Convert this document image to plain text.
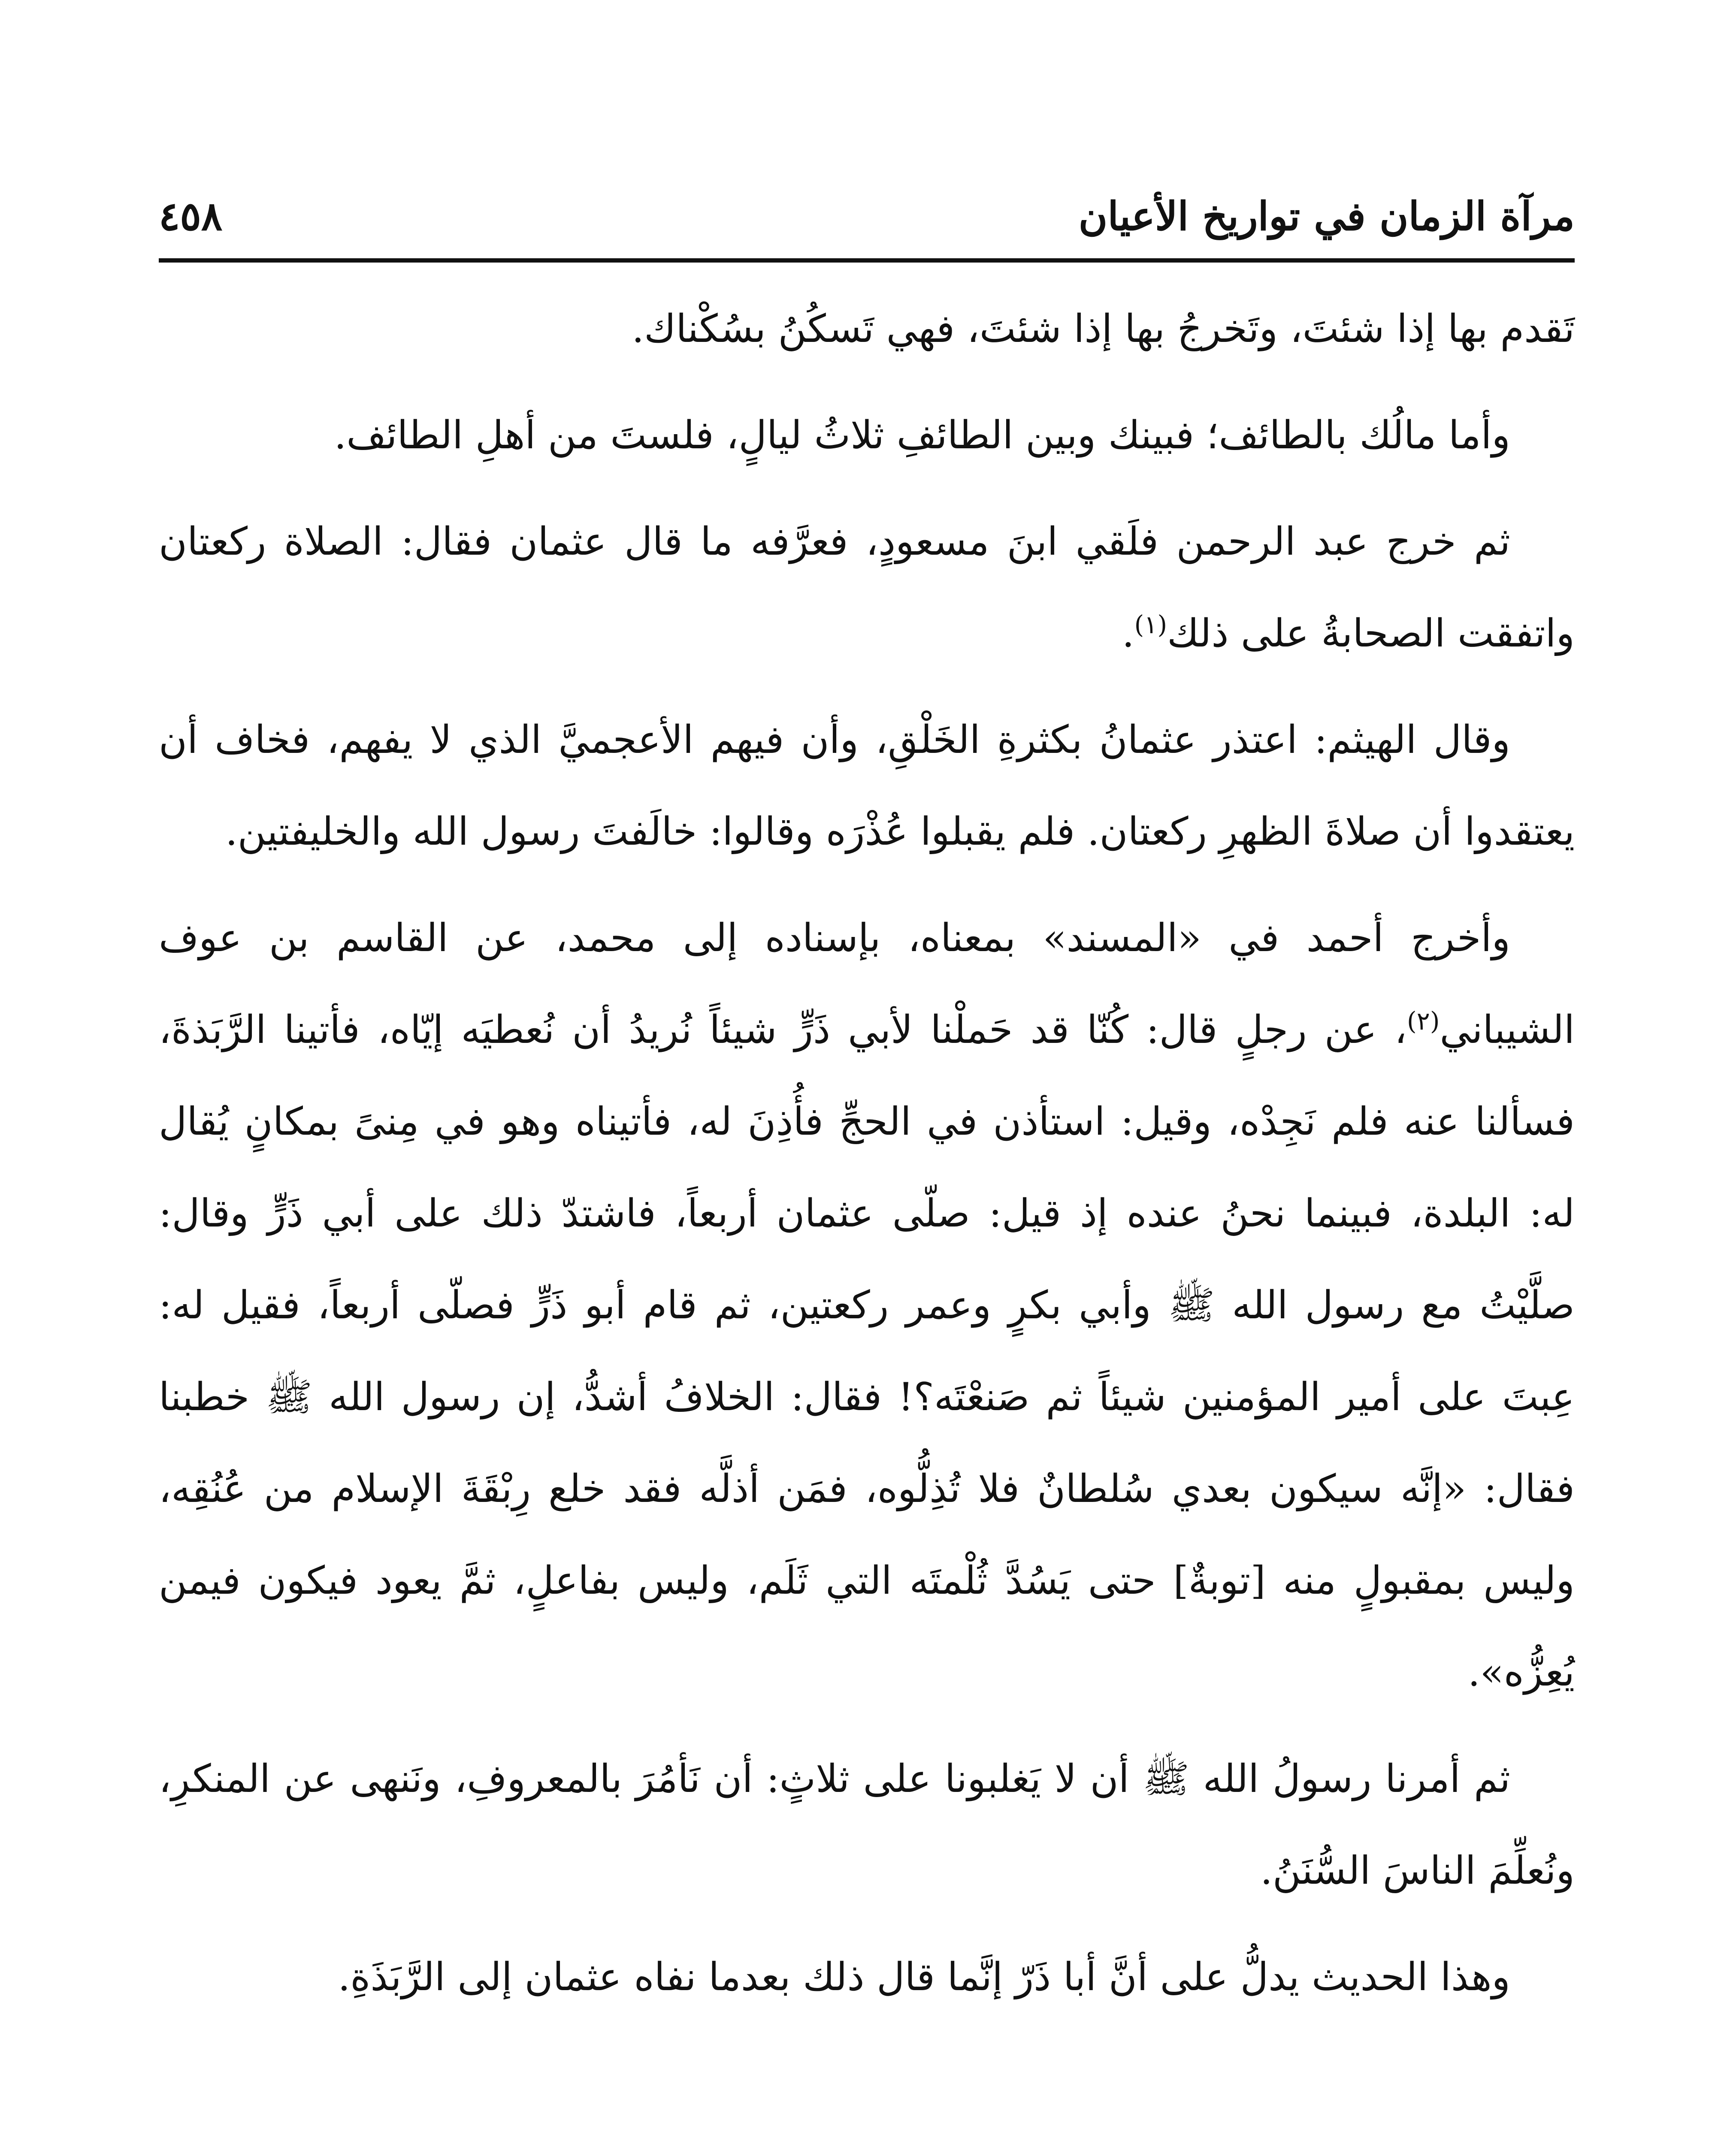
مرآة الزمان في تواريخ الأعيان
٤٥٨

تَقدم بها إذا شئتَ، وتَخرجُ بها إذا شئتَ، فهي تَسكُنُ بسُكْناك.

وأما مالُك بالطائف؛ فبينك وبين الطائفِ ثلاثُ ليالٍ، فلستَ من أهلِ الطائف.

ثم خرج عبد الرحمن فلَقي ابنَ مسعودٍ، فعرَّفه ما قال عثمان فقال: الصلاة ركعتان واتفقت الصحابةُ على ذلك$^{(١)}$.

وقال الهيثم: اعتذر عثمانُ بكثرةِ الخَلْقِ، وأن فيهم الأعجميَّ الذي لا يفهم، فخاف أن يعتقدوا أن صلاةَ الظهرِ ركعتان. فلم يقبلوا عُذْرَه وقالوا: خالَفتَ رسول الله والخليفتين.

وأخرج أحمد في «المسند» بمعناه، بإسناده إلى محمد، عن القاسم بن عوف الشيباني$^{(٢)}$، عن رجلٍ قال: كُنّا قد حَملْنا لأبي ذَرٍّ شيئاً نُريدُ أن نُعطيَه إيّاه، فأتينا الرَّبَذةَ، فسألنا عنه فلم نَجِدْه، وقيل: استأذن في الحجِّ فأُذِنَ له، فأتيناه وهو في مِنىً بمكانٍ يُقال له: البلدة، فبينما نحنُ عنده إذ قيل: صلّى عثمان أربعاً، فاشتدّ ذلك على أبي ذَرٍّ وقال: صلَّيْتُ مع رسول الله ﷺ وأبي بكرٍ وعمر ركعتين، ثم قام أبو ذَرٍّ فصلّى أربعاً، فقيل له: عِبتَ على أمير المؤمنين شيئاً ثم صَنعْتَه؟! فقال: الخلافُ أشدُّ، إن رسول الله ﷺ خطبنا فقال: «إنَّه سيكون بعدي سُلطانٌ فلا تُذِلُّوه، فمَن أذلَّه فقد خلع رِبْقَةَ الإسلام من عُنُقِه، وليس بمقبولٍ منه [توبةٌ] حتى يَسُدَّ ثُلْمتَه التي ثَلَم، وليس بفاعلٍ، ثمَّ يعود فيكون فيمن يُعِزُّه».

ثم أمرنا رسولُ الله ﷺ أن لا يَغلبونا على ثلاثٍ: أن نَأمُرَ بالمعروفِ، ونَنهى عن المنكرِ، ونُعلِّمَ الناسَ السُّنَنُ.

وهذا الحديث يدلُّ على أنَّ أبا ذَرّ إنَّما قال ذلك بعدما نفاه عثمان إلى الرَّبَذَةِ.
